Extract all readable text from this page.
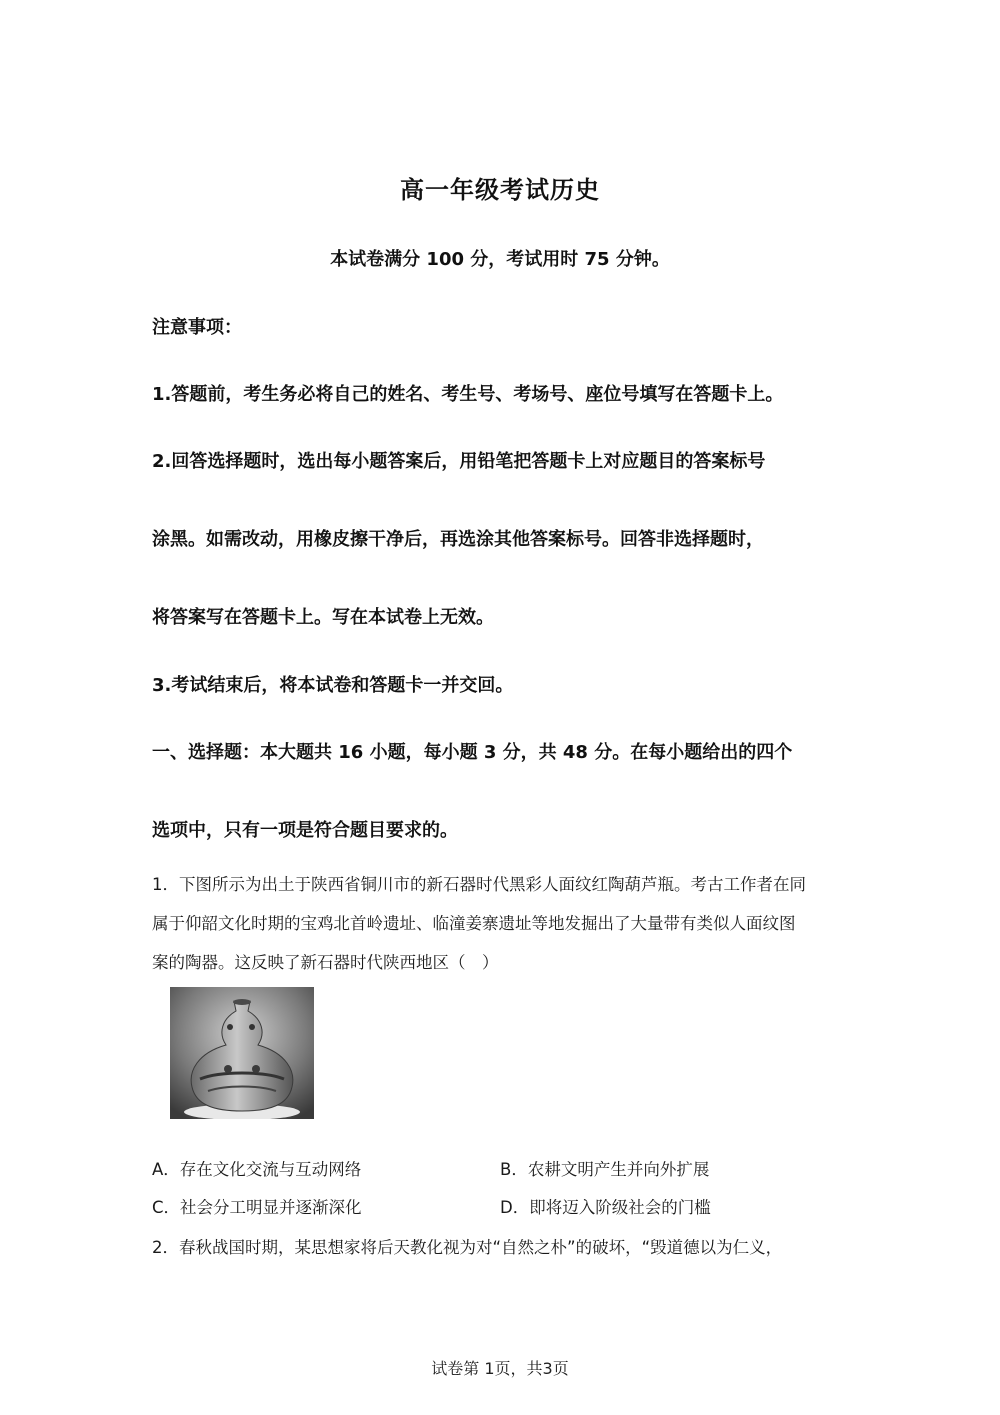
高一年级考试历史
本试卷满分 100 分，考试用时 75 分钟。
注意事项：
1.答题前，考生务必将自己的姓名、考生号、考场号、座位号填写在答题卡上。
2.回答选择题时，选出每小题答案后，用铅笔把答题卡上对应题目的答案标号
涂黑。如需改动，用橡皮擦干净后，再选涂其他答案标号。回答非选择题时，
将答案写在答题卡上。写在本试卷上无效。
3.考试结束后，将本试卷和答题卡一并交回。
一、选择题：本大题共 16 小题，每小题 3 分，共 48 分。在每小题给出的四个
选项中，只有一项是符合题目要求的。
1．下图所示为出土于陕西省铜川市的新石器时代黑彩人面纹红陶葫芦瓶。考古工作者在同
属于仰韶文化时期的宝鸡北首岭遗址、临潼姜寨遗址等地发掘出了大量带有类似人面纹图
案的陶器。这反映了新石器时代陕西地区（　）
A．存在文化交流与互动网络	B．农耕文明产生并向外扩展
C．社会分工明显并逐渐深化	D．即将迈入阶级社会的门槛
2．春秋战国时期，某思想家将后天教化视为对“自然之朴”的破坏，“毁道德以为仁义，
试卷第 1页，共3页
